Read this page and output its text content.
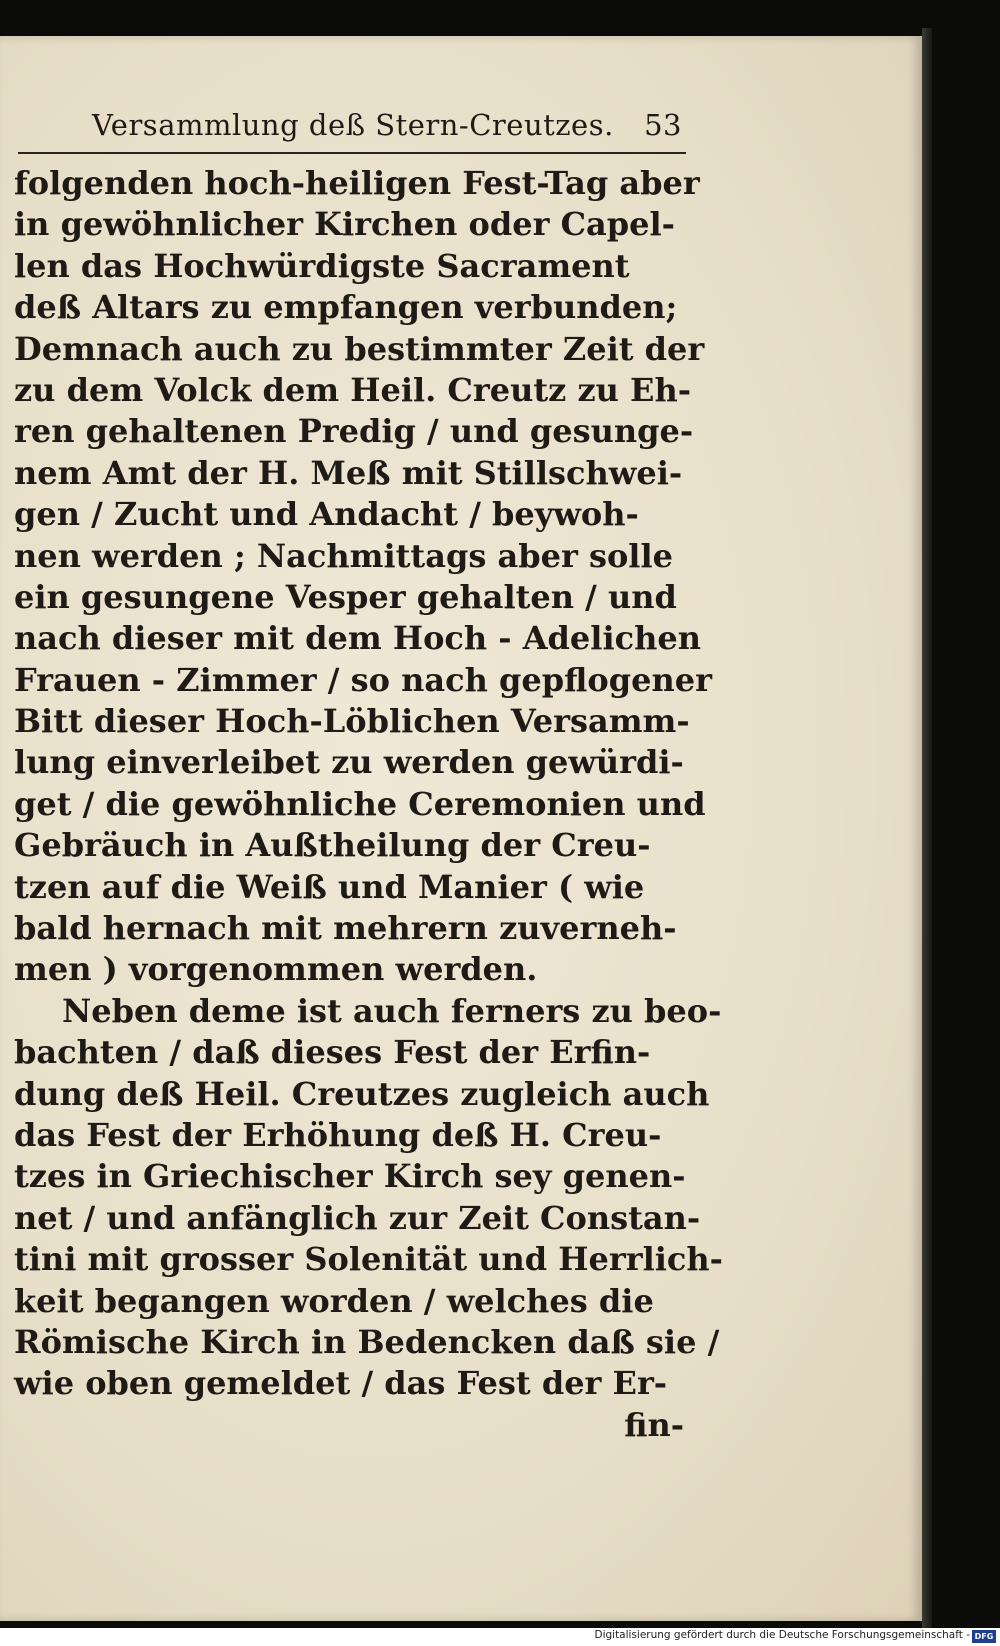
Versammlung deß Stern-Creutzes. 53
folgenden hoch-heiligen Fest-Tag aber
in gewöhnlicher Kirchen oder Capel-
len das Hochwürdigste Sacrament
deß Altars zu empfangen verbunden;
Demnach auch zu bestimmter Zeit der
zu dem Volck dem Heil. Creutz zu Eh-
ren gehaltenen Predig / und gesunge-
nem Amt der H. Meß mit Stillschwei-
gen / Zucht und Andacht / beywoh-
nen werden ; Nachmittags aber solle
ein gesungene Vesper gehalten / und
nach dieser mit dem Hoch - Adelichen
Frauen - Zimmer / so nach gepflogener
Bitt dieser Hoch-Löblichen Versamm-
lung einverleibet zu werden gewürdi-
get / die gewöhnliche Ceremonien und
Gebräuch in Außtheilung der Creu-
tzen auf die Weiß und Manier ( wie
bald hernach mit mehrern zuverneh-
men ) vorgenommen werden.
Neben deme ist auch ferners zu beo-
bachten / daß dieses Fest der Erfin-
dung deß Heil. Creutzes zugleich auch
das Fest der Erhöhung deß H. Creu-
tzes in Griechischer Kirch sey genen-
net / und anfänglich zur Zeit Constan-
tini mit grosser Solenität und Herrlich-
keit begangen worden / welches die
Römische Kirch in Bedencken daß sie /
wie oben gemeldet / das Fest der Er-
fin-
Digitalisierung gefördert durch die Deutsche Forschungsgemeinschaft - DFG
